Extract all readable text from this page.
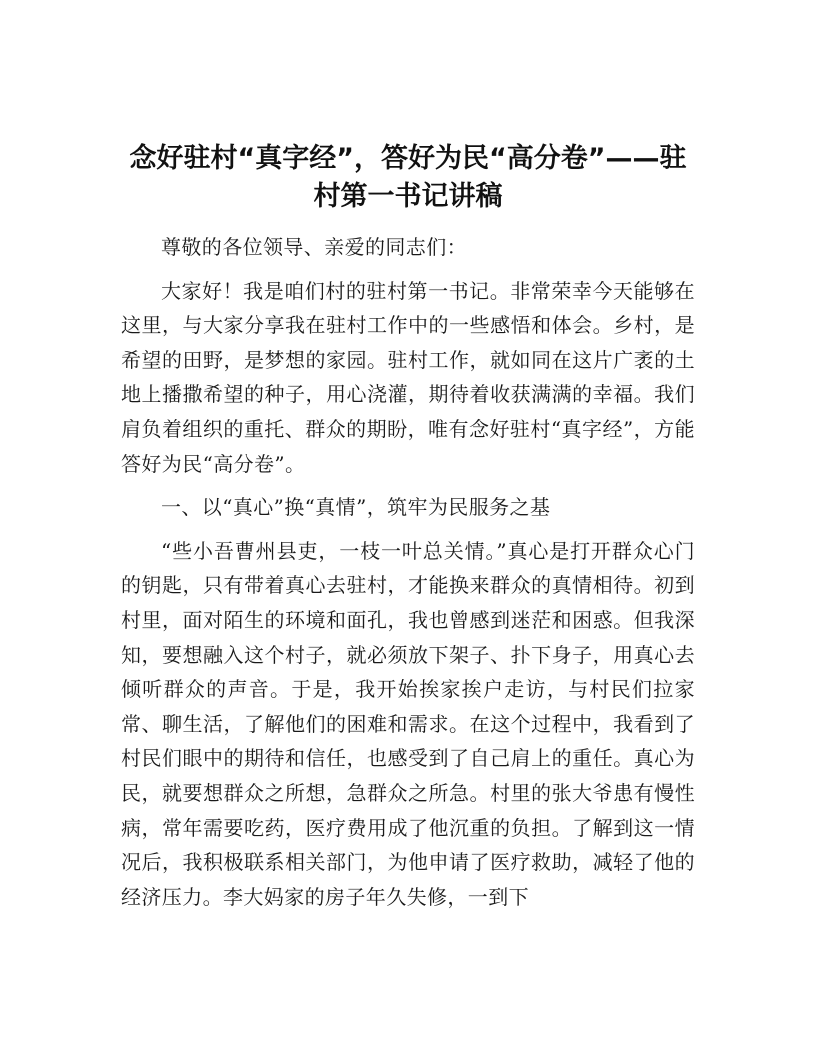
念好驻村“真字经”，答好为民“高分卷”——驻村第一书记讲稿

尊敬的各位领导、亲爱的同志们：

大家好！我是咱们村的驻村第一书记。非常荣幸今天能够在这里，与大家分享我在驻村工作中的一些感悟和体会。乡村，是希望的田野，是梦想的家园。驻村工作，就如同在这片广袤的土地上播撒希望的种子，用心浇灌，期待着收获满满的幸福。我们肩负着组织的重托、群众的期盼，唯有念好驻村“真字经”，方能答好为民“高分卷”。

一、以“真心”换“真情”，筑牢为民服务之基

“些小吾曹州县吏，一枝一叶总关情。”真心是打开群众心门的钥匙，只有带着真心去驻村，才能换来群众的真情相待。初到村里，面对陌生的环境和面孔，我也曾感到迷茫和困惑。但我深知，要想融入这个村子，就必须放下架子、扑下身子，用真心去倾听群众的声音。于是，我开始挨家挨户走访，与村民们拉家常、聊生活，了解他们的困难和需求。在这个过程中，我看到了村民们眼中的期待和信任，也感受到了自己肩上的重任。真心为民，就要想群众之所想，急群众之所急。村里的张大爷患有慢性病，常年需要吃药，医疗费用成了他沉重的负担。了解到这一情况后，我积极联系相关部门，为他申请了医疗救助，减轻了他的经济压力。李大妈家的房子年久失修，一到下
